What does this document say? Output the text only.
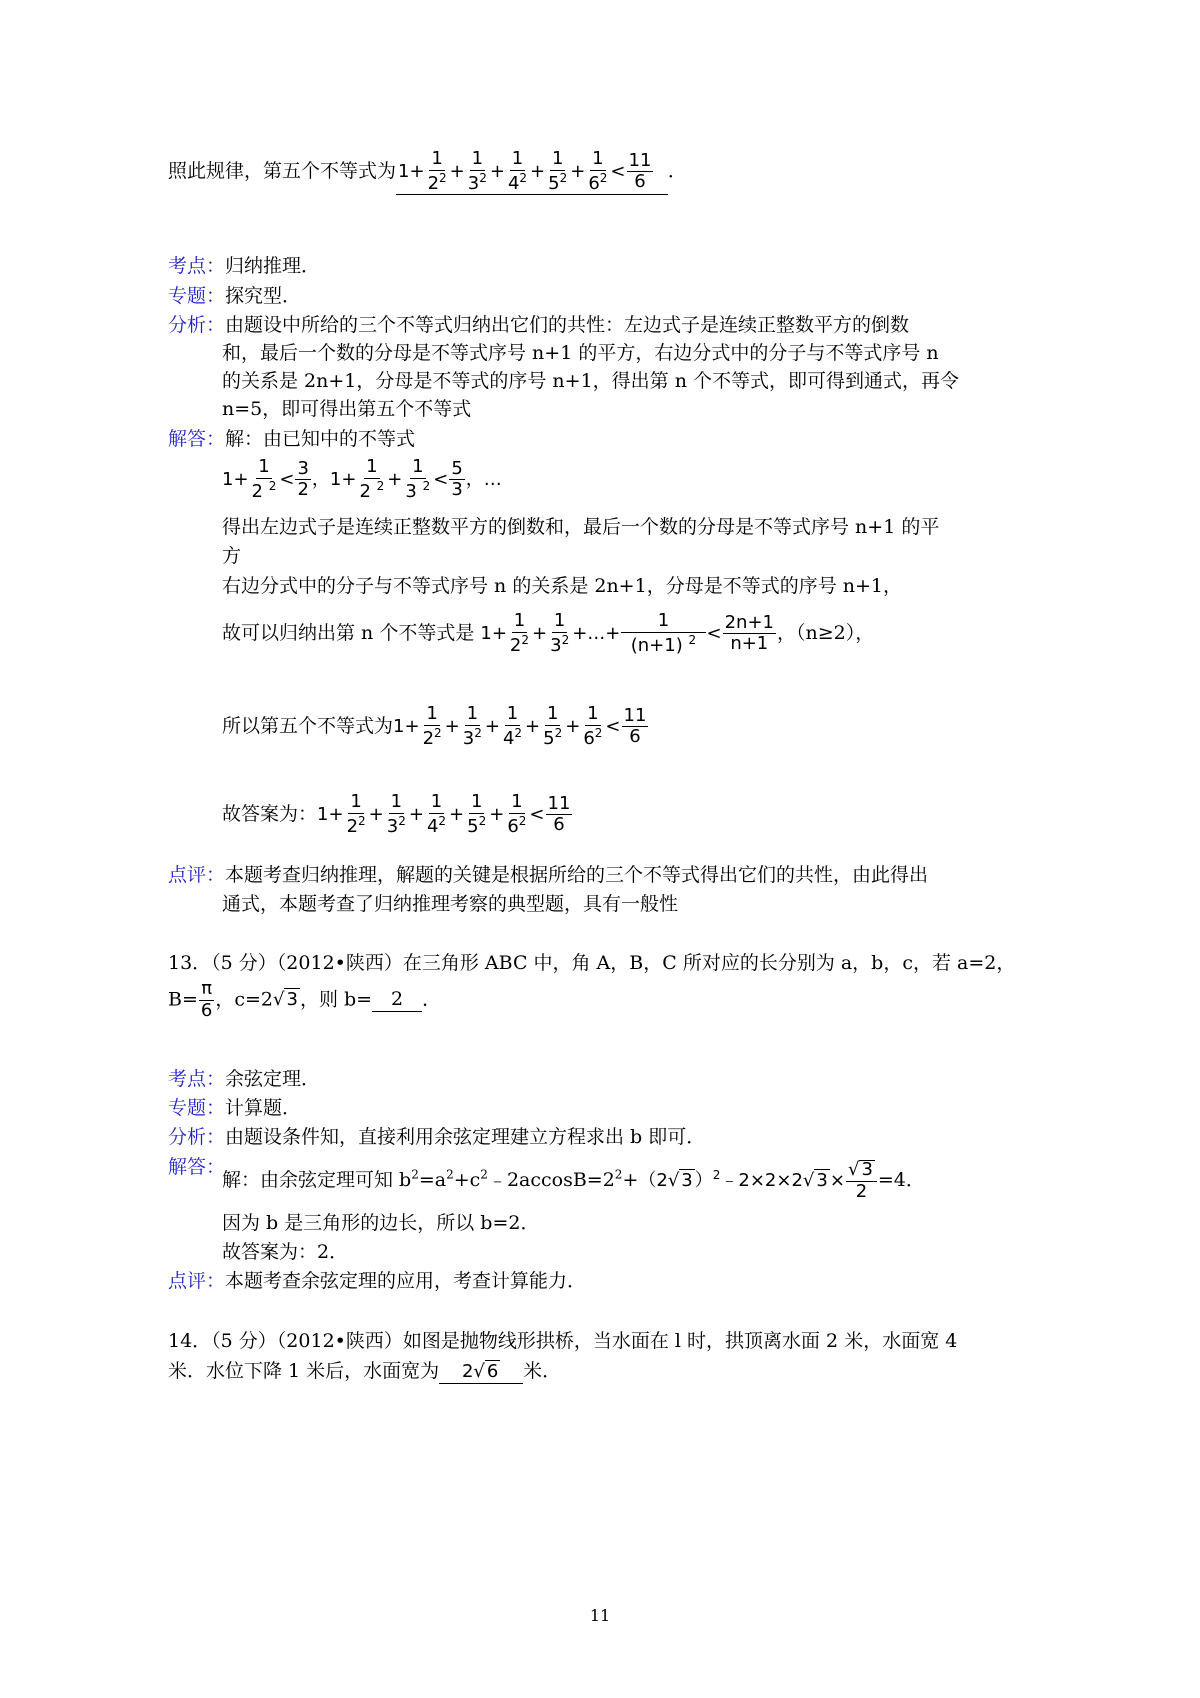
照此规律，第五个不等式为 $1+ \frac{1}{2^2} + \frac{1}{3^2} + \frac{1}{4^2} + \frac{1}{5^2} + \frac{1}{6^2} < \frac{11}{6}$ ．
考点：归纳推理．
专题：探究型．
分析：由题设中所给的三个不等式归纳出它们的共性：左边式子是连续正整数平方的倒数
和，最后一个数的分母是不等式序号 n+1 的平方，右边分式中的分子与不等式序号 n
的关系是 2n+1，分母是不等式的序号 n+1，得出第 n 个不等式，即可得到通式，再令
n=5，即可得出第五个不等式
解答：解：由已知中的不等式
$1+ \frac{1}{2 ^2} < \frac{3}{2}$ ，$1+ \frac{1}{2 ^2} + \frac{1}{3 ^2} < \frac{5}{3}$ ，…
得出左边式子是连续正整数平方的倒数和，最后一个数的分母是不等式序号 n+1 的平
方
右边分式中的分子与不等式序号 n 的关系是 2n+1，分母是不等式的序号 n+1，
故可以归纳出第 n 个不等式是 $1+ \frac{1}{2^2} + \frac{1}{3^2}$ +…+ $\frac{1}{(n+1) ^2} < \frac{2n+1}{n+1}$ ，（n≥2），
所以第五个不等式为$1+ \frac{1}{2^2} + \frac{1}{3^2} + \frac{1}{4^2} + \frac{1}{5^2} + \frac{1}{6^2} < \frac{11}{6}$
故答案为：$1+ \frac{1}{2^2} + \frac{1}{3^2} + \frac{1}{4^2} + \frac{1}{5^2} + \frac{1}{6^2} < \frac{11}{6}$
点评：本题考查归纳推理，解题的关键是根据所给的三个不等式得出它们的共性，由此得出
通式，本题考查了归纳推理考察的典型题，具有一般性
13．（5 分）（2012•陕西）在三角形 ABC 中，角 A，B，C 所对应的长分别为 a，b，c，若 a=2，
$B= \frac{\pi}{6}$ ，c=2√ 3 ，则 b= 2 ．
考点：余弦定理．
专题：计算题．
分析：由题设条件知，直接利用余弦定理建立方程求出 b 即可．
解答：
解：由余弦定理可知 $b^2=a^2+c^2﹣2accosB=2^2+(2√$ 3 ）$^2$﹣2×2×2√ $3 \times \frac{√ 3}{2} =4$．
因为 b 是三角形的边长，所以 b=2．
故答案为：2．
点评：本题考查余弦定理的应用，考查计算能力．
14．（5 分）（2012•陕西）如图是抛物线形拱桥，当水面在 l 时，拱顶离水面 2 米，水面宽 4
米．水位下降 1 米后，水面宽为 2√ 6 米．
11
